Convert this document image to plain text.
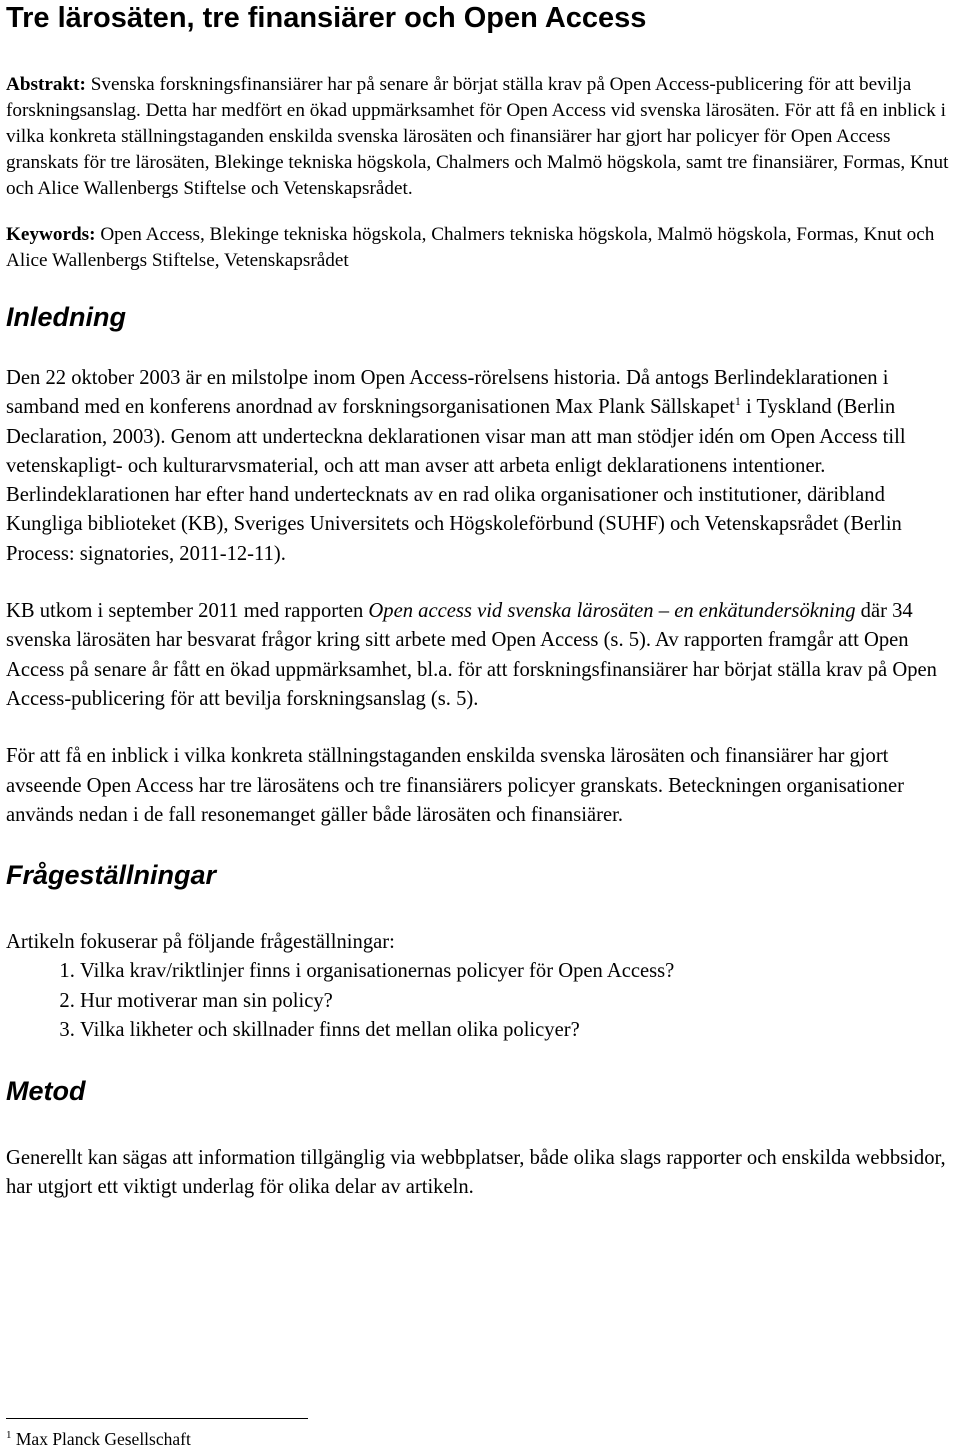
Tre lärosäten, tre finansiärer och Open Access

Abstrakt: Svenska forskningsfinansiärer har på senare år börjat ställa krav på Open Access-publicering för att bevilja forskningsanslag. Detta har medfört en ökad uppmärksamhet för Open Access vid svenska lärosäten. För att få en inblick i vilka konkreta ställningstaganden enskilda svenska lärosäten och finansiärer har gjort har policyer för Open Access granskats för tre lärosäten, Blekinge tekniska högskola, Chalmers och Malmö högskola, samt tre finansiärer, Formas, Knut och Alice Wallenbergs Stiftelse och Vetenskapsrådet.

Keywords: Open Access, Blekinge tekniska högskola, Chalmers tekniska högskola, Malmö högskola, Formas, Knut och Alice Wallenbergs Stiftelse, Vetenskapsrådet

Inledning

Den 22 oktober 2003 är en milstolpe inom Open Access-rörelsens historia. Då antogs Berlindeklarationen i samband med en konferens anordnad av forskningsorganisationen Max Plank Sällskapet$^1$ i Tyskland (Berlin Declaration, 2003). Genom att underteckna deklarationen visar man att man stödjer idén om Open Access till vetenskapligt- och kulturarvsmaterial, och att man avser att arbeta enligt deklarationens intentioner. Berlindeklarationen har efter hand undertecknats av en rad olika organisationer och institutioner, däribland Kungliga biblioteket (KB), Sveriges Universitets och Högskoleförbund (SUHF) och Vetenskapsrådet (Berlin Process: signatories, 2011-12-11).

KB utkom i september 2011 med rapporten Open access vid svenska lärosäten – en enkätundersökning där 34 svenska lärosäten har besvarat frågor kring sitt arbete med Open Access (s. 5). Av rapporten framgår att Open Access på senare år fått en ökad uppmärksamhet, bl.a. för att forskningsfinansiärer har börjat ställa krav på Open Access-publicering för att bevilja forskningsanslag (s. 5).

För att få en inblick i vilka konkreta ställningstaganden enskilda svenska lärosäten och finansiärer har gjort avseende Open Access har tre lärosätens och tre finansiärers policyer granskats. Beteckningen organisationer används nedan i de fall resonemanget gäller både lärosäten och finansiärer.

Frågeställningar

Artikeln fokuserar på följande frågeställningar:

1. Vilka krav/riktlinjer finns i organisationernas policyer för Open Access?
2. Hur motiverar man sin policy?
3. Vilka likheter och skillnader finns det mellan olika policyer?
Metod

Generellt kan sägas att information tillgänglig via webbplatser, både olika slags rapporter och enskilda webbsidor, har utgjort ett viktigt underlag för olika delar av artikeln.

$^1$ Max Planck Gesellschaft
